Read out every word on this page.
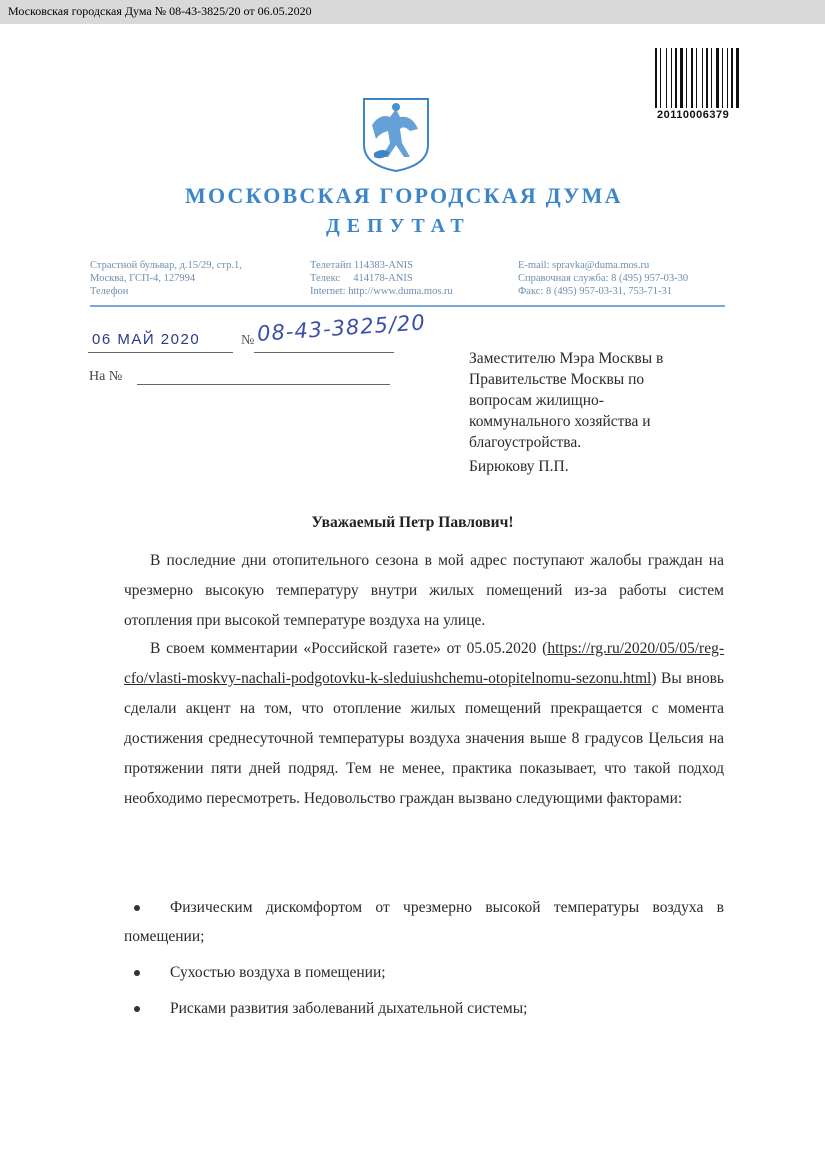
Московская городская Дума № 08-43-3825/20 от 06.05.2020
20110006379
МОСКОВСКАЯ ГОРОДСКАЯ ДУМА
ДЕПУТАТ
Страстной бульвар, д.15/29, стр.1,
Москва, ГСП-4, 127994
Телефон
Телетайп 114383-ANIS
Телекс     414178-ANIS
Internet: http://www.duma.mos.ru
E-mail: spravka@duma.mos.ru
Справочная служба: 8 (495) 957-03-30
Факс: 8 (495) 957-03-31, 753-71-31
06 МАЙ 2020	№ 08-43-3825/20
На №
Заместителю Мэра Москвы в
Правительстве Москвы по
вопросам жилищно-
коммунального хозяйства и
благоустройства.
Бирюкову П.П.
Уважаемый Петр Павлович!

В последние дни отопительного сезона в мой адрес поступают жалобы граждан на чрезмерно высокую температуру внутри жилых помещений из-за работы систем отопления при высокой температуре воздуха на улице.

В своем комментарии «Российской газете» от 05.05.2020 (https://rg.ru/2020/05/05/reg-cfo/vlasti-moskvy-nachali-podgotovku-k-sleduiushchemu-otopitelnomu-sezonu.html) Вы вновь сделали акцент на том, что отопление жилых помещений прекращается с момента достижения среднесуточной температуры воздуха значения выше 8 градусов Цельсия на протяжении пяти дней подряд. Тем не менее, практика показывает, что такой подход необходимо пересмотреть. Недовольство граждан вызвано следующими факторами:

Физическим дискомфортом от чрезмерно высокой температуры воздуха в помещении;
Сухостью воздуха в помещении;
Рисками развития заболеваний дыхательной системы;
